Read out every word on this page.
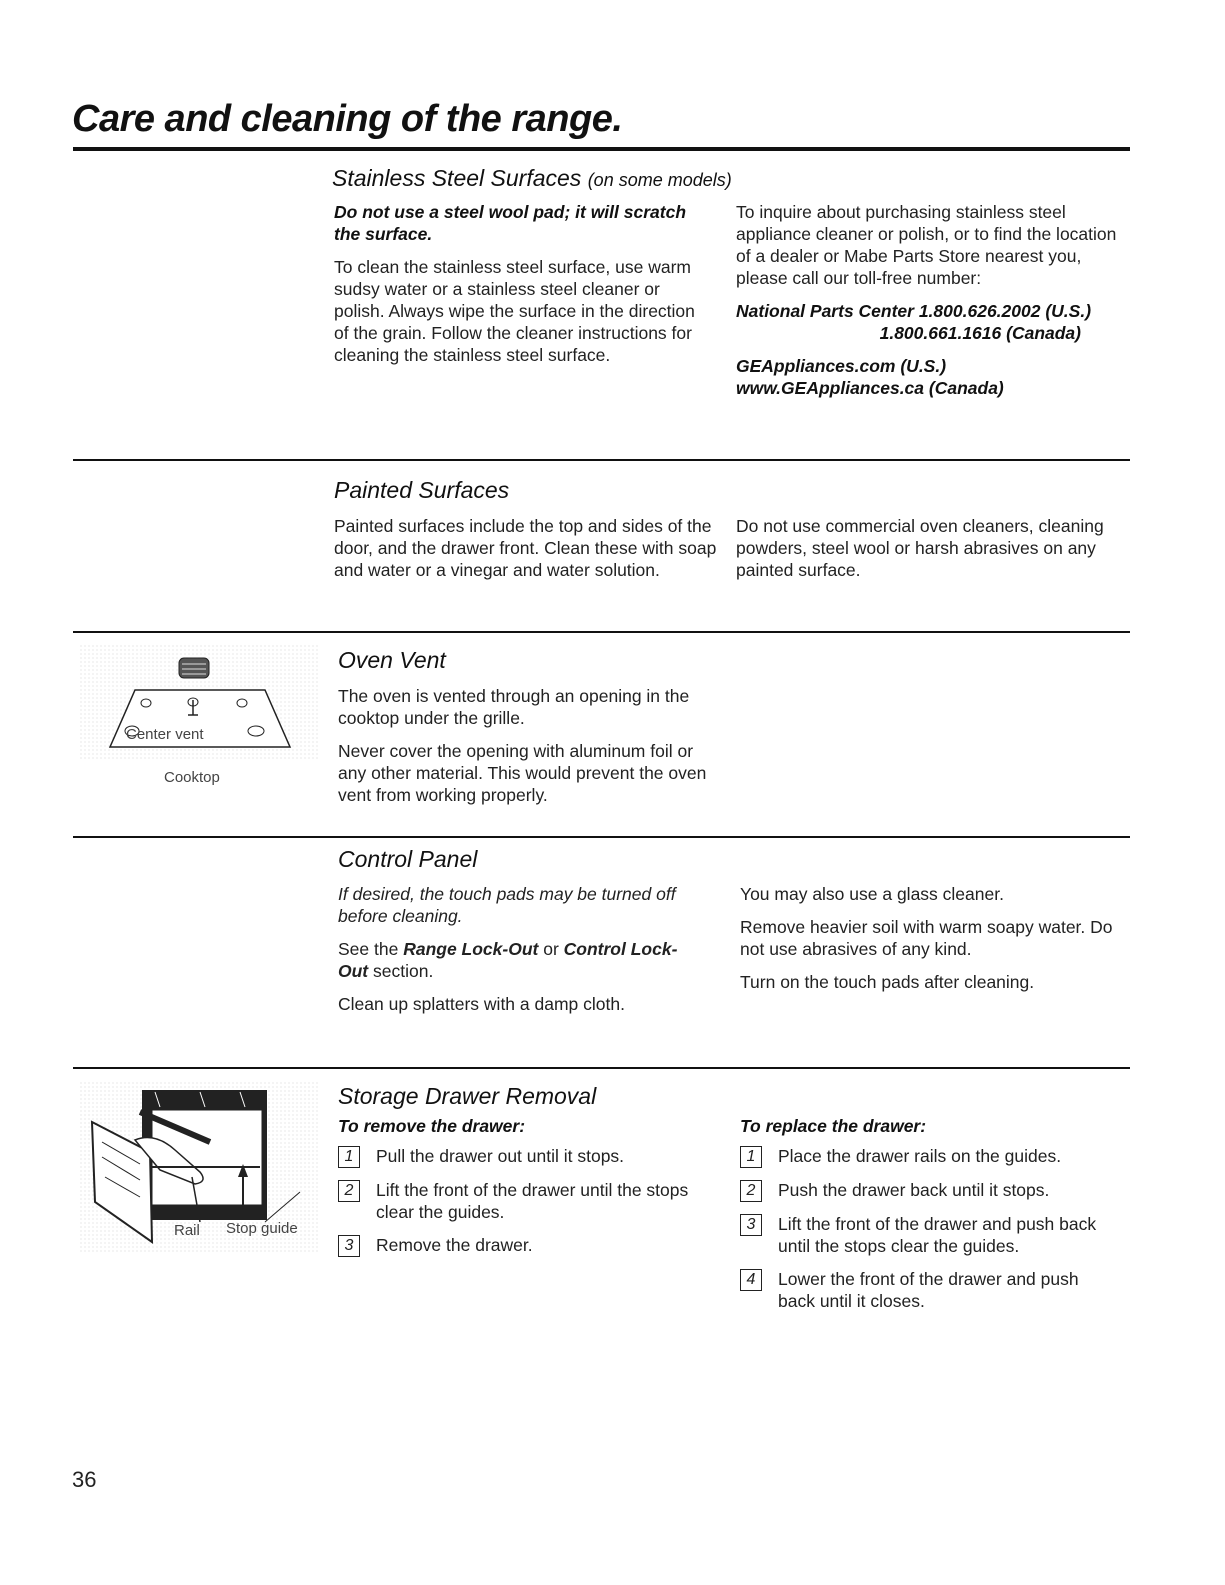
Care and cleaning of the range.
Stainless Steel Surfaces (on some models)

Do not use a steel wool pad; it will scratch the surface.

To clean the stainless steel surface, use warm sudsy water or a stainless steel cleaner or polish. Always wipe the surface in the direction of the grain. Follow the cleaner instructions for cleaning the stainless steel surface.

To inquire about purchasing stainless steel appliance cleaner or polish, or to find the location of a dealer or Mabe Parts Store nearest you, please call our toll-free number:

National Parts Center 1.800.626.2002 (U.S.)

1.800.661.1616 (Canada)

GEAppliances.com (U.S.)

www.GEAppliances.ca (Canada)

Painted Surfaces
Painted surfaces include the top and sides of the door, and the drawer front. Clean these with soap and water or a vinegar and water solution.
Do not use commercial oven cleaners, cleaning powders, steel wool or harsh abrasives on any painted surface.
Center vent
Cooktop
Oven Vent

The oven is vented through an opening in the cooktop under the grille.

Never cover the opening with aluminum foil or any other material. This would prevent the oven vent from working properly.

Control Panel

If desired, the touch pads may be turned off before cleaning.

See the Range Lock-Out or Control Lock-Out section.

Clean up splatters with a damp cloth.

You may also use a glass cleaner.

Remove heavier soil with warm soapy water. Do not use abrasives of any kind.

Turn on the touch pads after cleaning.

Rail Stop guide
Storage Drawer Removal

To remove the drawer:

1	Pull the drawer out until it stops.
2	Lift the front of the drawer until the stops clear the guides.
3	Remove the drawer.

To replace the drawer:

1	Place the drawer rails on the guides.
2	Push the drawer back until it stops.
3	Lift the front of the drawer and push back until the stops clear the guides.
4	Lower the front of the drawer and push back until it closes.
36
